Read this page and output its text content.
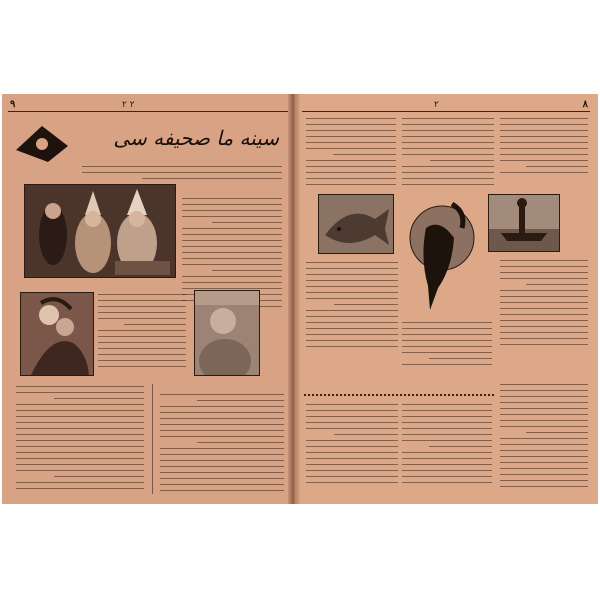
٩	٢ ٢
سينه ما صحيفه سى
٨
٢
